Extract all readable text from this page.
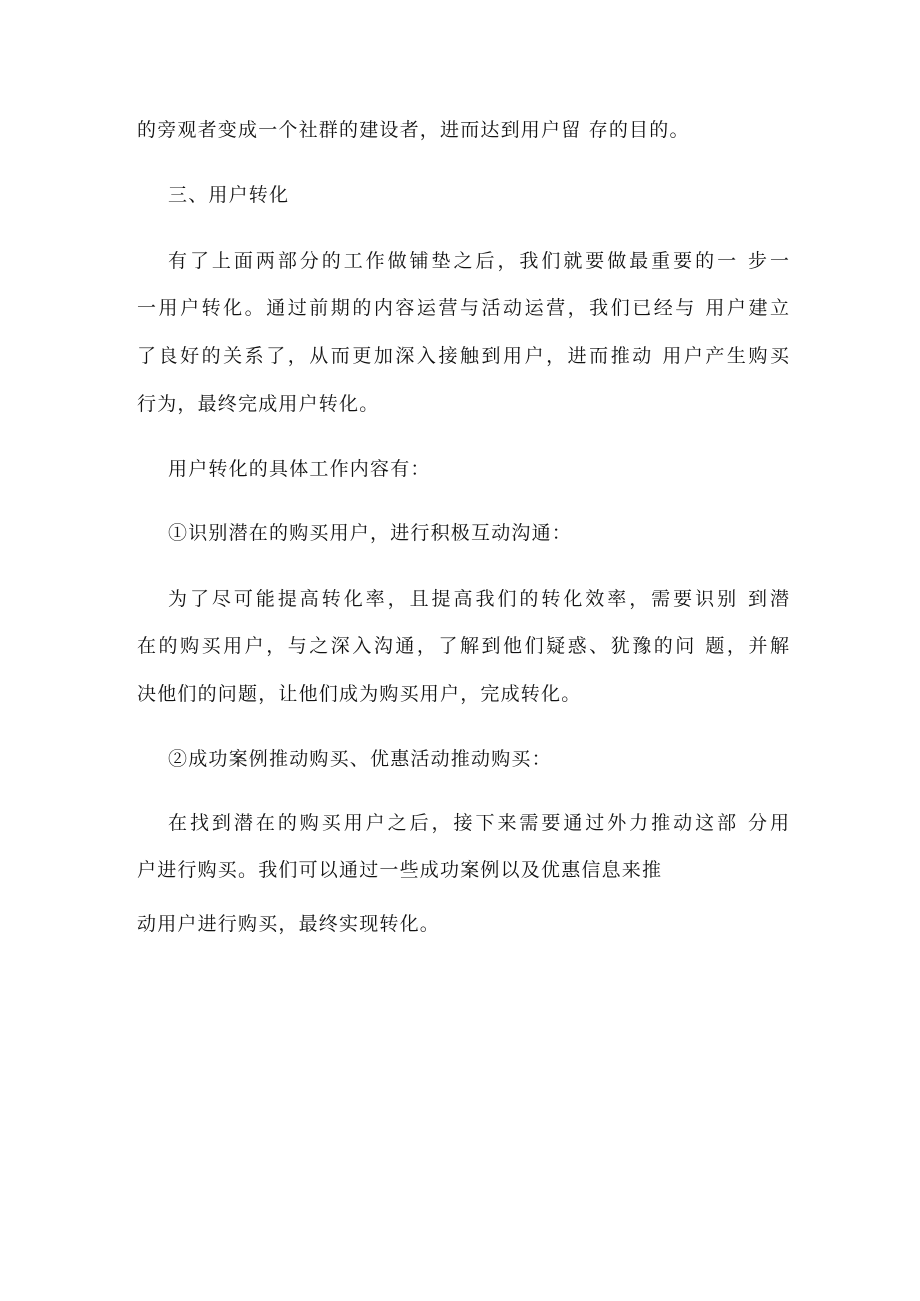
的旁观者变成一个社群的建设者，进而达到用户留 存的目的。

三、用户转化

有了上面两部分的工作做铺垫之后，我们就要做最重要的一 步一

一用户转化。通过前期的内容运营与活动运营，我们已经与 用户建立

了良好的关系了，从而更加深入接触到用户，进而推动 用户产生购买

行为，最终完成用户转化。

用户转化的具体工作内容有：

①识别潜在的购买用户，进行积极互动沟通：

为了尽可能提高转化率，且提高我们的转化效率，需要识别 到潜

在的购买用户，与之深入沟通，了解到他们疑惑、犹豫的问 题，并解

决他们的问题，让他们成为购买用户，完成转化。

②成功案例推动购买、优惠活动推动购买：

在找到潜在的购买用户之后，接下来需要通过外力推动这部 分用

户进行购买。我们可以通过一些成功案例以及优惠信息来推

动用户进行购买，最终实现转化。
